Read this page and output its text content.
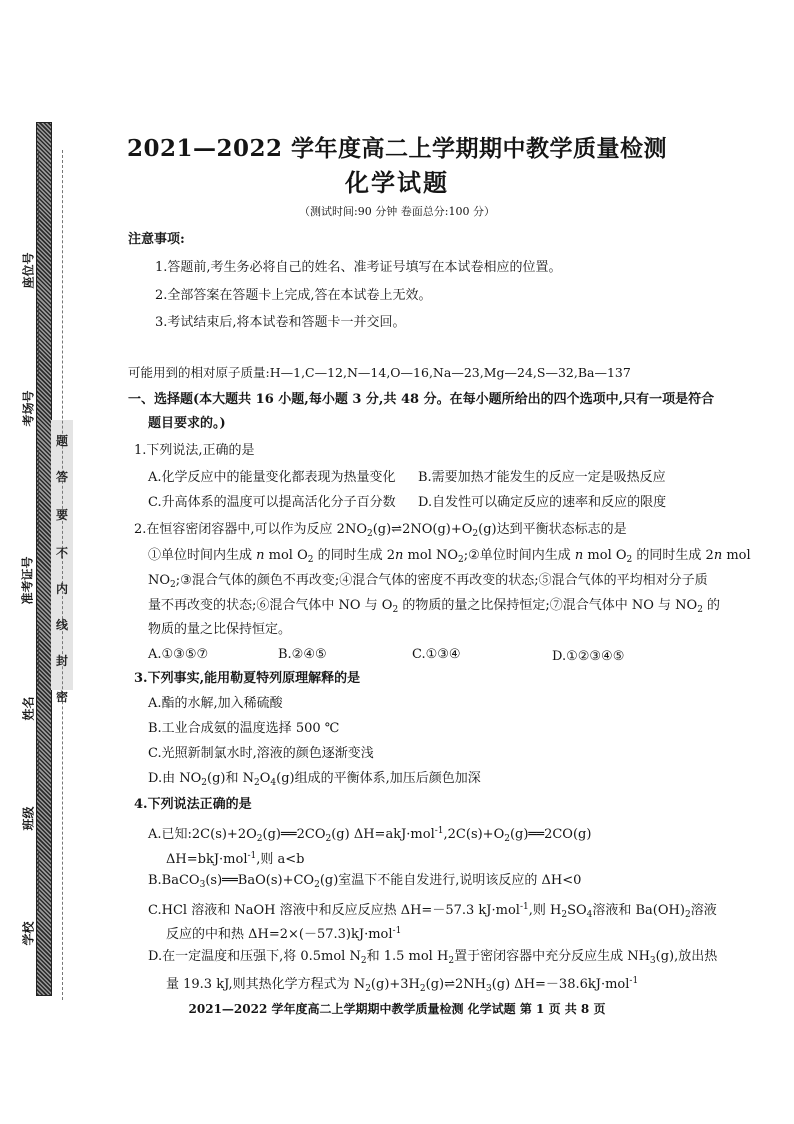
题
答
要
不
内
线
封
密
座位号
考场号
准考证号
姓名
班级
学校
2021—2022 学年度高二上学期期中教学质量检测
化学试题
（测试时间:90 分钟 卷面总分:100 分）
注意事项:
1.答题前,考生务必将自己的姓名、准考证号填写在本试卷相应的位置。
2.全部答案在答题卡上完成,答在本试卷上无效。
3.考试结束后,将本试卷和答题卡一并交回。
可能用到的相对原子质量:H—1,C—12,N—14,O—16,Na—23,Mg—24,S—32,Ba—137
一、选择题(本大题共 16 小题,每小题 3 分,共 48 分。在每小题所给出的四个选项中,只有一项是符合
题目要求的。)
1.下列说法,正确的是
A.化学反应中的能量变化都表现为热量变化 B.需要加热才能发生的反应一定是吸热反应
C.升高体系的温度可以提高活化分子百分数 D.自发性可以确定反应的速率和反应的限度
2.在恒容密闭容器中,可以作为反应 $2NO_2(g)\rightleftharpoons 2NO(g)+O_2(g)$达到平衡状态标志的是
①单位时间内生成 n mol $O_2$ 的同时生成 2n mol $NO_2;②$单位时间内生成 n mol $O_2$ 的同时生成 2n mol
$NO_2;③$混合气体的颜色不再改变;④混合气体的密度不再改变的状态;⑤混合气体的平均相对分子质
量不再改变的状态;⑥混合气体中 NO 与 $O_2$ 的物质的量之比保持恒定;⑦混合气体中 NO 与 $NO_2$ 的
物质的量之比保持恒定。
A.①③⑤⑦	B.②④⑤	C.①③④	D.①②③④⑤
3.下列事实,能用勒夏特列原理解释的是
A.酯的水解,加入稀硫酸
B.工业合成氨的温度选择 500 ℃
C.光照新制氯水时,溶液的颜色逐渐变浅
D.由 $NO_2(g)$和 $N_2O_4(g)$组成的平衡体系,加压后颜色加深
4.下列说法正确的是
A.已知$:2C(s)+2O_2(g)══2CO_2(g)$ $\Delta H=akJ\cdot mol^{-1},2C(s)+O_2(g)══2CO(g)$
ΔH=bkJ·mol$^{-1}$,则 a<b
$B.BaCO_3(s)══BaO(s)+CO_2(g)$室温下不能自发进行,说明该反应的 ΔH<0
C.HCl 溶液和 NaOH 溶液中和反应反应热 ΔH=－57.3 kJ·mol$^{-1}$,则 $H_2SO_4$溶液和 $Ba(OH)_2$溶液
反应的中和热 ΔH=2×(－57.3)kJ·mol$^{-1}$
D.在一定温度和压强下,将 0.5mol $N_2$和 1.5 mol $H_2$置于密闭容器中充分反应生成 $NH_3(g)$,放出热
量 19.3 kJ,则其热化学方程式为 $N_2(g)+3H_2(g)\rightleftharpoons 2NH_3(g)$ ΔH=－38.6kJ·mol$^{-1}$
2021—2022 学年度高二上学期期中教学质量检测 化学试题 第 1 页 共 8 页
